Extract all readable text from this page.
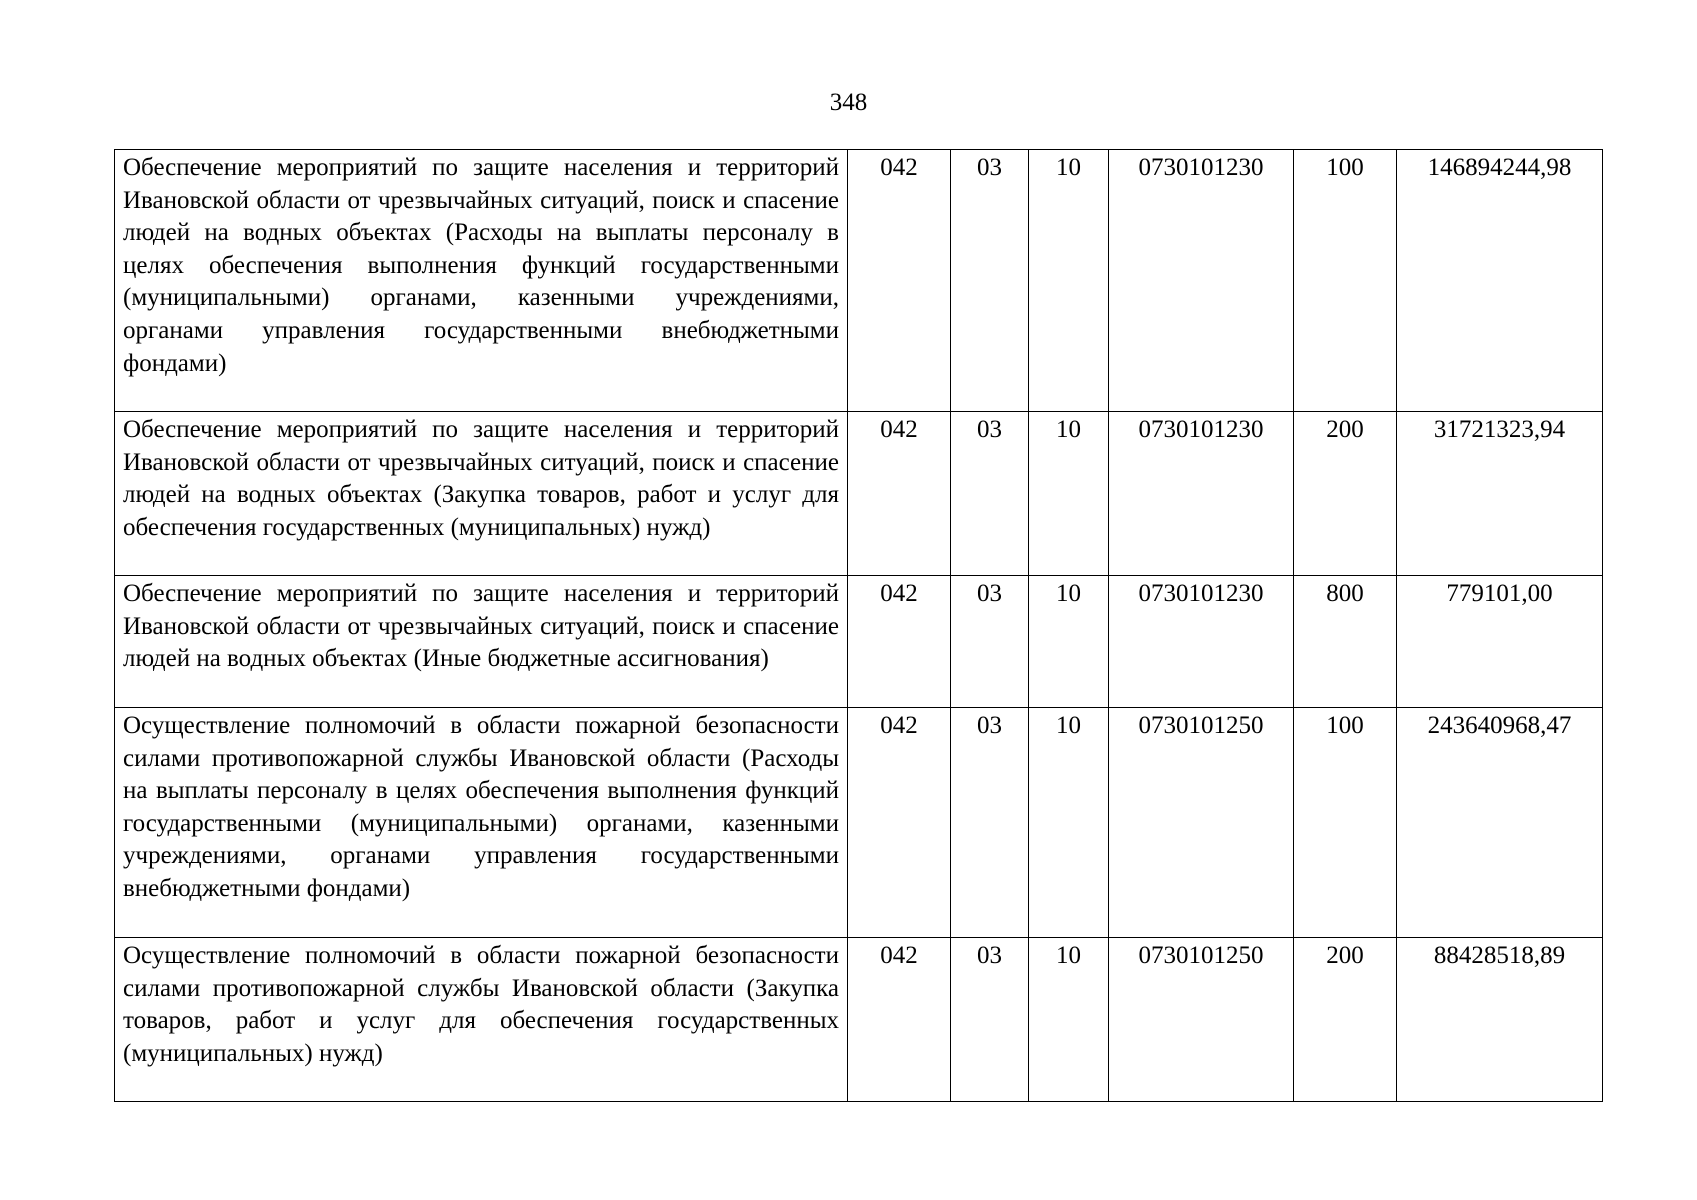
348
Обеспечение мероприятий по защите населения и территорий Ивановской области от чрезвычайных ситуаций, поиск и спасение людей на водных объектах (Расходы на выплаты персоналу в целях обеспечения выполнения функций государственными (муниципальными) органами, казенными учреждениями, органами управления государственными внебюджетными фондами)	042	03	10	0730101230	100	146894244,98
Обеспечение мероприятий по защите населения и территорий Ивановской области от чрезвычайных ситуаций, поиск и спасение людей на водных объектах (Закупка товаров, работ и услуг для обеспечения государственных (муниципальных) нужд)	042	03	10	0730101230	200	31721323,94
Обеспечение мероприятий по защите населения и территорий Ивановской области от чрезвычайных ситуаций, поиск и спасение людей на водных объектах (Иные бюджетные ассигнования)	042	03	10	0730101230	800	779101,00
Осуществление полномочий в области пожарной безопасности силами противопожарной службы Ивановской области (Расходы на выплаты персоналу в целях обеспечения выполнения функций государственными (муниципальными) органами, казенными учреждениями, органами управления государственными внебюджетными фондами)	042	03	10	0730101250	100	243640968,47
Осуществление полномочий в области пожарной безопасности силами противопожарной службы Ивановской области (Закупка товаров, работ и услуг для обеспечения государственных (муниципальных) нужд)	042	03	10	0730101250	200	88428518,89
